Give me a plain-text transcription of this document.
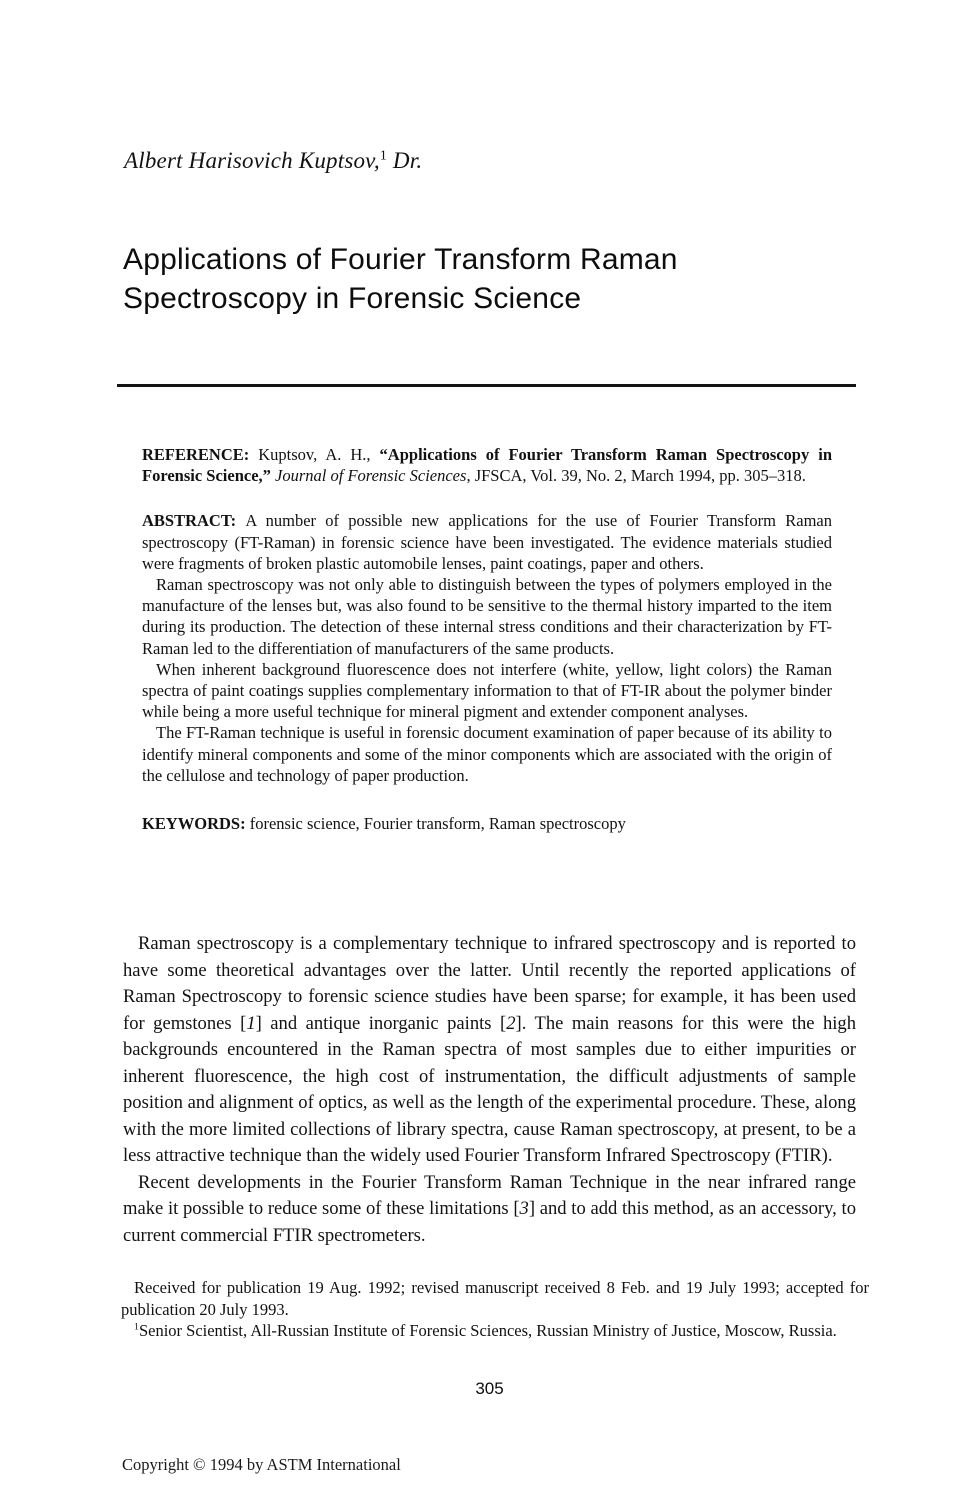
Albert Harisovich Kuptsov,$^1$ Dr.
Applications of Fourier Transform Raman
Spectroscopy in Forensic Science

REFERENCE: Kuptsov, A. H., “Applications of Fourier Transform Raman Spectroscopy in Forensic Science,” Journal of Forensic Sciences, JFSCA, Vol. 39, No. 2, March 1994, pp. 305–318.

ABSTRACT: A number of possible new applications for the use of Fourier Transform Raman spectroscopy (FT-Raman) in forensic science have been investigated. The evidence materials studied were fragments of broken plastic automobile lenses, paint coatings, paper and others.

Raman spectroscopy was not only able to distinguish between the types of polymers employed in the manufacture of the lenses but, was also found to be sensitive to the thermal history imparted to the item during its production. The detection of these internal stress conditions and their characterization by FT-Raman led to the differentiation of manufacturers of the same products.

When inherent background fluorescence does not interfere (white, yellow, light colors) the Raman spectra of paint coatings supplies complementary information to that of FT-IR about the polymer binder while being a more useful technique for mineral pigment and extender component analyses.

The FT-Raman technique is useful in forensic document examination of paper because of its ability to identify mineral components and some of the minor components which are associated with the origin of the cellulose and technology of paper production.

KEYWORDS: forensic science, Fourier transform, Raman spectroscopy

Raman spectroscopy is a complementary technique to infrared spectroscopy and is reported to have some theoretical advantages over the latter. Until recently the reported applications of Raman Spectroscopy to forensic science studies have been sparse; for example, it has been used for gemstones [1] and antique inorganic paints [2]. The main reasons for this were the high backgrounds encountered in the Raman spectra of most samples due to either impurities or inherent fluorescence, the high cost of instrumentation, the difficult adjustments of sample position and alignment of optics, as well as the length of the experimental procedure. These, along with the more limited collections of library spectra, cause Raman spectroscopy, at present, to be a less attractive technique than the widely used Fourier Transform Infrared Spectroscopy (FTIR).

Recent developments in the Fourier Transform Raman Technique in the near infrared range make it possible to reduce some of these limitations [3] and to add this method, as an accessory, to current commercial FTIR spectrometers.

Received for publication 19 Aug. 1992; revised manuscript received 8 Feb. and 19 July 1993; accepted for publication 20 July 1993.

$^1$Senior Scientist, All-Russian Institute of Forensic Sciences, Russian Ministry of Justice, Moscow, Russia.

305
Copyright © 1994 by ASTM International
